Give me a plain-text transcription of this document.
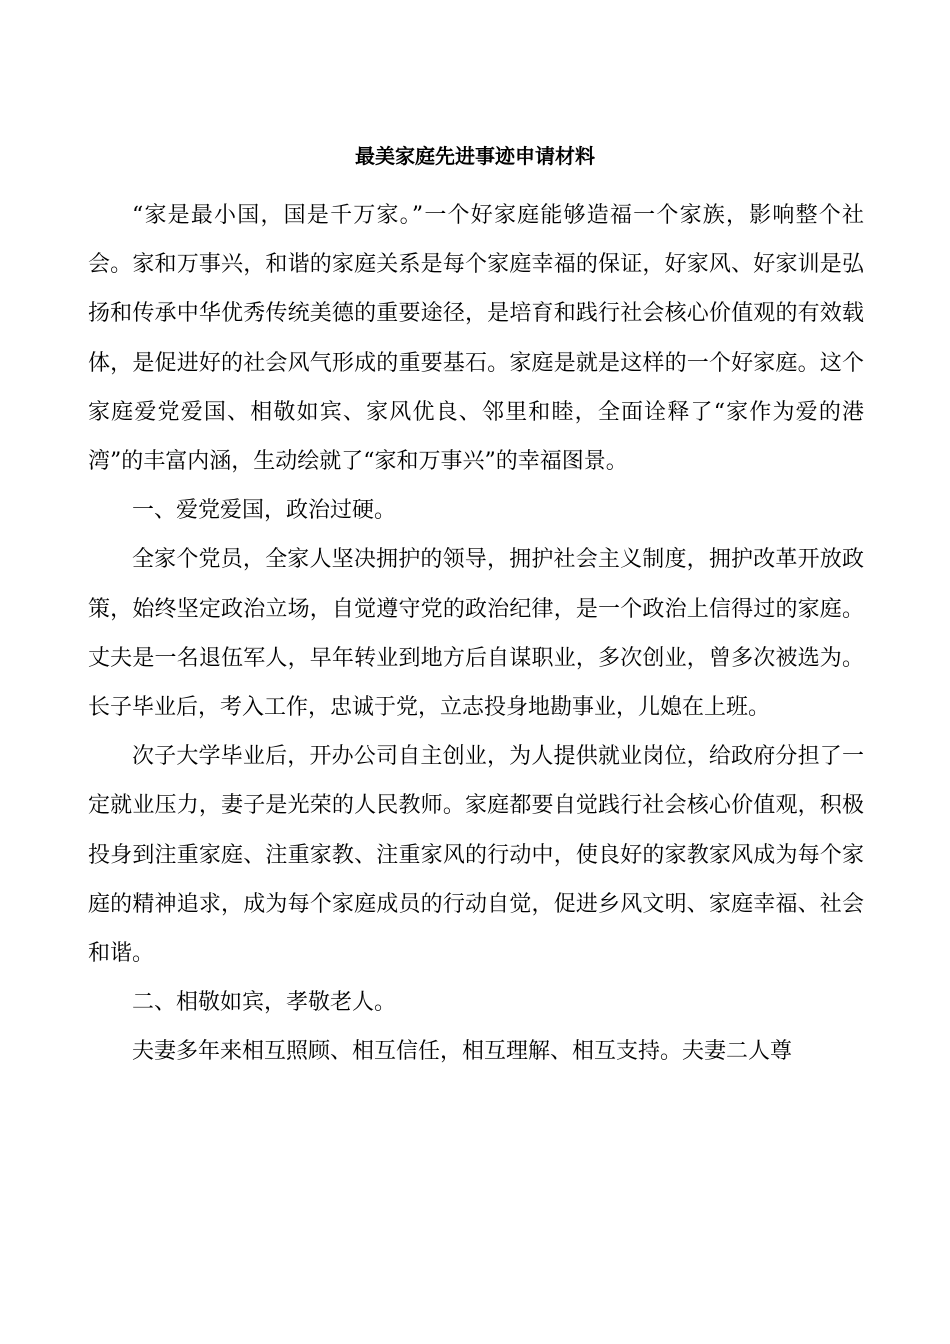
最美家庭先进事迹申请材料

“家是最小国，国是千万家。”一个好家庭能够造福一个家族，影响整个社会。家和万事兴，和谐的家庭关系是每个家庭幸福的保证，好家风、好家训是弘扬和传承中华优秀传统美德的重要途径，是培育和践行社会核心价值观的有效载体，是促进好的社会风气形成的重要基石。家庭是就是这样的一个好家庭。这个家庭爱党爱国、相敬如宾、家风优良、邻里和睦，全面诠释了“家作为爱的港湾”的丰富内涵，生动绘就了“家和万事兴”的幸福图景。

一、爱党爱国，政治过硬。

全家个党员，全家人坚决拥护的领导，拥护社会主义制度，拥护改革开放政策，始终坚定政治立场，自觉遵守党的政治纪律，是一个政治上信得过的家庭。丈夫是一名退伍军人，早年转业到地方后自谋职业，多次创业，曾多次被选为。长子毕业后，考入工作，忠诚于党，立志投身地勘事业，儿媳在上班。

次子大学毕业后，开办公司自主创业，为人提供就业岗位，给政府分担了一定就业压力，妻子是光荣的人民教师。家庭都要自觉践行社会核心价值观，积极投身到注重家庭、注重家教、注重家风的行动中，使良好的家教家风成为每个家庭的精神追求，成为每个家庭成员的行动自觉，促进乡风文明、家庭幸福、社会和谐。

二、相敬如宾，孝敬老人。

夫妻多年来相互照顾、相互信任，相互理解、相互支持。夫妻二人尊
